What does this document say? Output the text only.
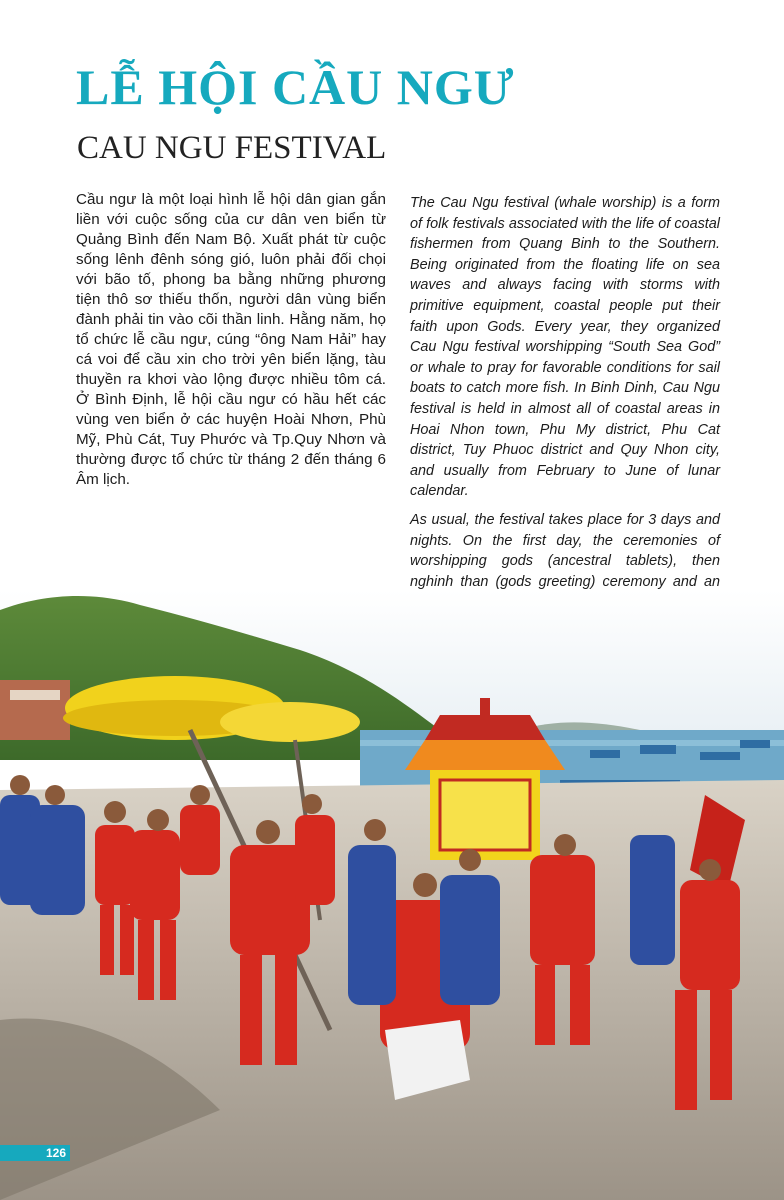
LỄ HỘI CẦU NGƯ
CAU NGU FESTIVAL

Cầu ngư là một loại hình lễ hội dân gian gắn liền với cuộc sống của cư dân ven biển từ Quảng Bình đến Nam Bộ. Xuất phát từ cuộc sống lênh đênh sóng gió, luôn phải đối chọi với bão tố, phong ba bằng những phương tiện thô sơ thiếu thốn, người dân vùng biển đành phải tin vào cõi thần linh. Hằng năm, họ tổ chức lễ cầu ngư, cúng “ông Nam Hải” hay cá voi để cầu xin cho trời yên biển lặng, tàu thuyền ra khơi vào lộng được nhiều tôm cá. Ở Bình Định, lễ hội cầu ngư có hầu hết các vùng ven biển ở các huyện Hoài Nhơn, Phù Mỹ, Phù Cát, Tuy Phước và Tp.Quy Nhơn và thường được tổ chức từ tháng 2 đến tháng 6 Âm lịch.

The Cau Ngu festival (whale worship) is a form of folk festivals associated with the life of coastal fishermen from Quang Binh to the Southern. Being originated from the floating life on sea waves and always facing with storms with primitive equipment, coastal people put their faith upon Gods. Every year, they organized Cau Ngu festival worshipping “South Sea God” or whale to pray for favorable conditions for sail boats to catch more fish. In Binh Dinh, Cau Ngu festival is held in almost all of coastal areas in Hoai Nhon town, Phu My district, Phu Cat district, Tuy Phuoc district and Quy Nhon city, and usually from February to June of lunar calendar.

As usual, the festival takes place for 3 days and nights. On the first day, the ceremonies of worshipping gods (ancestral tablets), then nghinh than (gods greeting) ceremony and an

126
